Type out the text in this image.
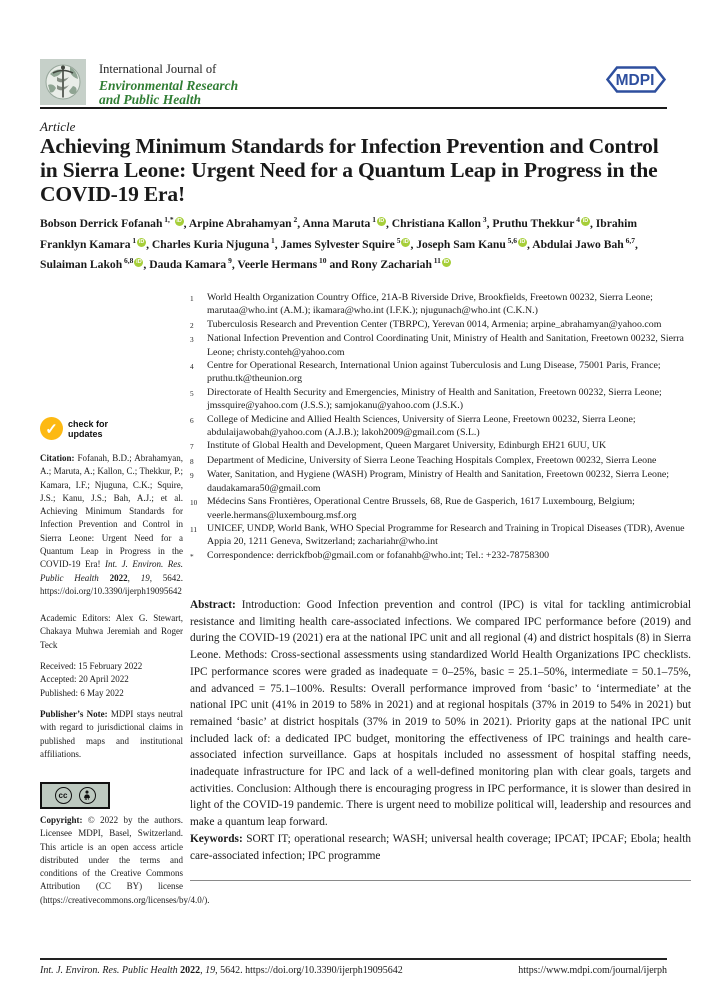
International Journal of
Environmental Research
and Public Health
MDPI
Article
Achieving Minimum Standards for Infection Prevention and Control in Sierra Leone: Urgent Need for a Quantum Leap in Progress in the COVID-19 Era!
Bobson Derrick Fofanah $^{1,*}$ iD , Arpine Abrahamyan $^2$, Anna Maruta $^1$ iD , Christiana Kallon $^3$, Pruthu Thekkur $^4$ iD , Ibrahim Franklyn Kamara $^1$ iD , Charles Kuria Njuguna $^1$, James Sylvester Squire $^5$ iD , Joseph Sam Kanu $^{5,6}$ iD , Abdulai Jawo Bah $^{6,7}$, Sulaiman Lakoh $^{6,8}$ iD , Dauda Kamara $^9$, Veerle Hermans $^{10}$ and Rony Zachariah $^{11}$ iD
1	World Health Organization Country Office, 21A-B Riverside Drive, Brookfields, Freetown 00232, Sierra Leone; marutaa@who.int (A.M.); ikamara@who.int (I.F.K.); njugunach@who.int (C.K.N.)
2	Tuberculosis Research and Prevention Center (TBRPC), Yerevan 0014, Armenia; arpine_abrahamyan@yahoo.com
3	National Infection Prevention and Control Coordinating Unit, Ministry of Health and Sanitation, Freetown 00232, Sierra Leone; christy.conteh@yahoo.com
4	Centre for Operational Research, International Union against Tuberculosis and Lung Disease, 75001 Paris, France; pruthu.tk@theunion.org
5	Directorate of Health Security and Emergencies, Ministry of Health and Sanitation, Freetown 00232, Sierra Leone; jmssquire@yahoo.com (J.S.S.); samjokanu@yahoo.com (J.S.K.)
6	College of Medicine and Allied Health Sciences, University of Sierra Leone, Freetown 00232, Sierra Leone; abdulaijawobah@yahoo.com (A.J.B.); lakoh2009@gmail.com (S.L.)
7	Institute of Global Health and Development, Queen Margaret University, Edinburgh EH21 6UU, UK
8	Department of Medicine, University of Sierra Leone Teaching Hospitals Complex, Freetown 00232, Sierra Leone
9	Water, Sanitation, and Hygiene (WASH) Program, Ministry of Health and Sanitation, Freetown 00232, Sierra Leone; daudakamara50@gmail.com
10 Médecins Sans Frontières, Operational Centre Brussels, 68, Rue de Gasperich, 1617 Luxembourg, Belgium; veerle.hermans@luxembourg.msf.org
11	UNICEF, UNDP, World Bank, WHO Special Programme for Research and Training in Tropical Diseases (TDR), Avenue Appia 20, 1211 Geneva, Switzerland; zachariahr@who.int
*	Correspondence: derrickfbob@gmail.com or fofanahb@who.int; Tel.: +232-78758300
Abstract: Introduction: Good Infection prevention and control (IPC) is vital for tackling antimicrobial resistance and limiting health care-associated infections. We compared IPC performance before (2019) and during the COVID-19 (2021) era at the national IPC unit and all regional (4) and district hospitals (8) in Sierra Leone. Methods: Cross-sectional assessments using standardized World Health Organizations IPC checklists. IPC performance scores were graded as inadequate = 0–25%, basic = 25.1–50%, intermediate = 50.1–75%, and advanced = 75.1–100%. Results: Overall performance improved from ‘basic’ to ‘intermediate’ at the national IPC unit (41% in 2019 to 58% in 2021) and at regional hospitals (37% in 2019 to 54% in 2021) but remained ‘basic’ at district hospitals (37% in 2019 to 50% in 2021). Priority gaps at the national IPC unit included lack of: a dedicated IPC budget, monitoring the effectiveness of IPC trainings and health care-associated infection surveillance. Gaps at hospitals included no assessment of hospital staffing needs, inadequate infrastructure for IPC and lack of a well-defined monitoring plan with clear goals, targets and activities. Conclusion: Although there is encouraging progress in IPC performance, it is slower than desired in light of the COVID-19 pandemic. There is urgent need to mobilize political will, leadership and resources and make a quantum leap forward.
Keywords: SORT IT; operational research; WASH; universal health coverage; IPCAT; IPCAF; Ebola; health care-associated infection; IPC programme
✓	check for
updates
Citation: Fofanah, B.D.; Abrahamyan, A.; Maruta, A.; Kallon, C.; Thekkur, P.; Kamara, I.F.; Njuguna, C.K.; Squire, J.S.; Kanu, J.S.; Bah, A.J.; et al. Achieving Minimum Standards for Infection Prevention and Control in Sierra Leone: Urgent Need for a Quantum Leap in Progress in the COVID-19 Era! Int. J. Environ. Res. Public Health 2022, 19, 5642. https://doi.org/10.3390/ijerph19095642
Academic Editors: Alex G. Stewart, Chakaya Muhwa Jeremiah and Roger Teck
Received: 15 February 2022
Accepted: 20 April 2022
Published: 6 May 2022
Publisher’s Note: MDPI stays neutral with regard to jurisdictional claims in published maps and institutional affiliations.
cc	BY
Copyright: © 2022 by the authors. Licensee MDPI, Basel, Switzerland. This article is an open access article distributed under the terms and conditions of the Creative Commons Attribution (CC BY) license (https://creativecommons.org/licenses/by/4.0/).
Int. J. Environ. Res. Public Health 2022, 19, 5642. https://doi.org/10.3390/ijerph19095642	https://www.mdpi.com/journal/ijerph
